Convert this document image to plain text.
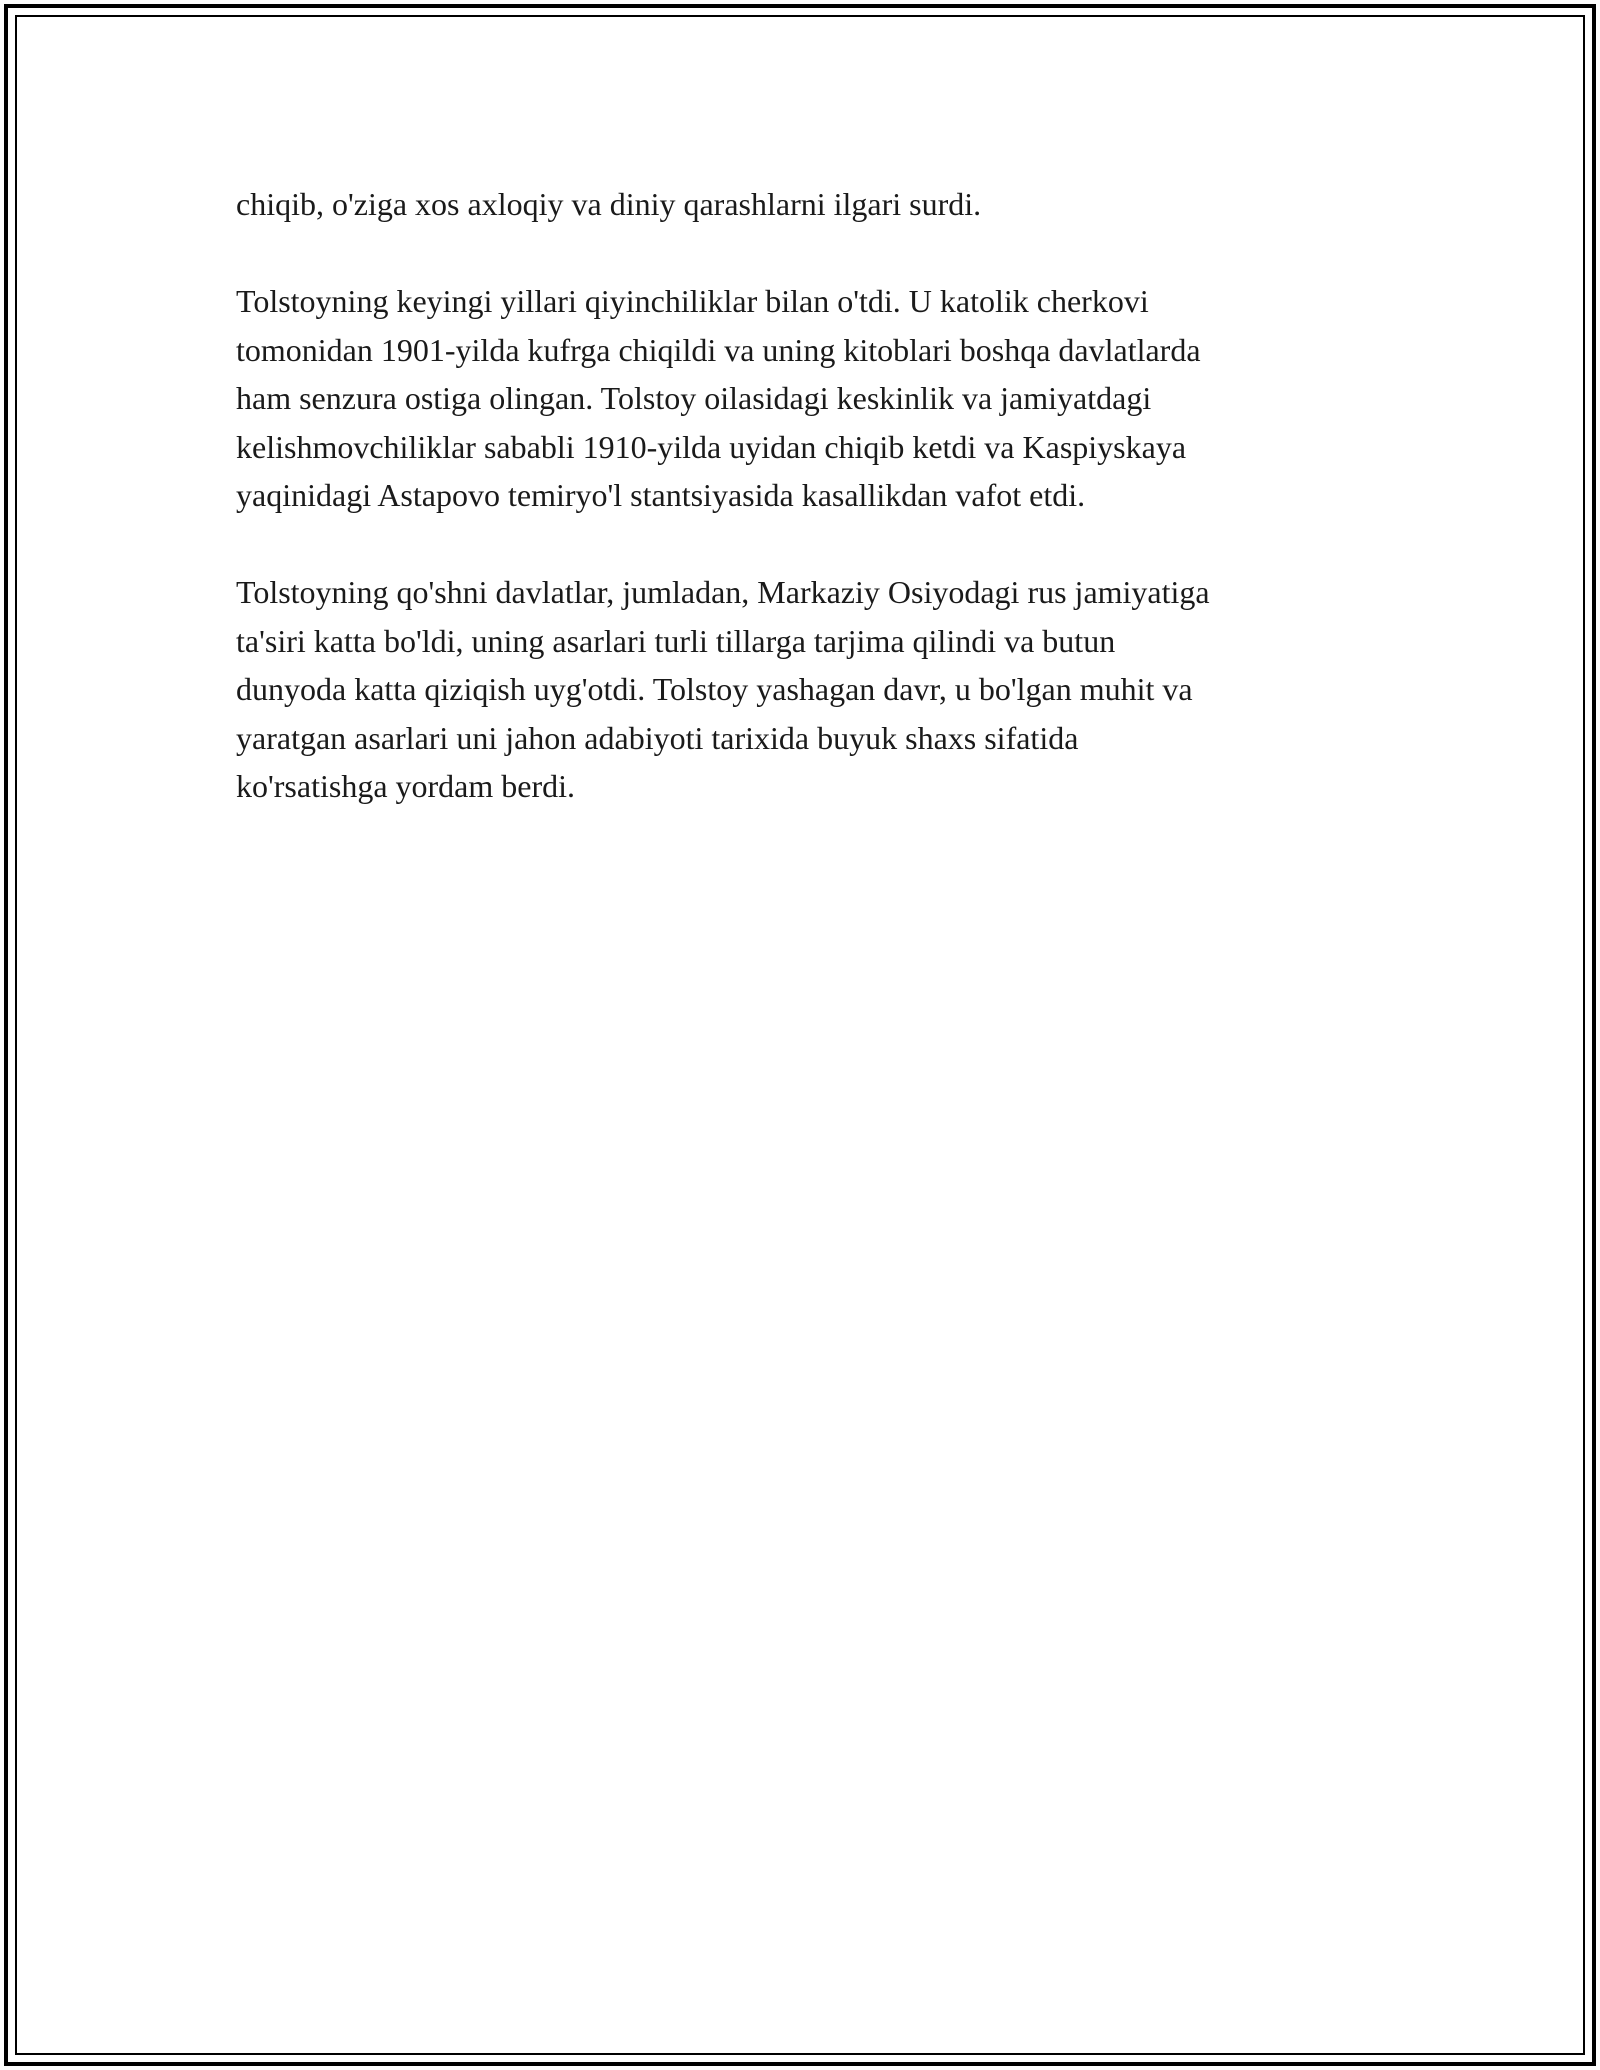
chiqib, o'ziga xos axloqiy va diniy qarashlarni ilgari surdi.

Tolstoyning keyingi yillari qiyinchiliklar bilan o'tdi. U katolik cherkovi
tomonidan 1901-yilda kufrga chiqildi va uning kitoblari boshqa davlatlarda
ham senzura ostiga olingan. Tolstoy oilasidagi keskinlik va jamiyatdagi
kelishmovchiliklar sababli 1910-yilda uyidan chiqib ketdi va Kaspiyskaya
yaqinidagi Astapovo temiryo'l stantsiyasida kasallikdan vafot etdi.

Tolstoyning qo'shni davlatlar, jumladan, Markaziy Osiyodagi rus jamiyatiga
ta'siri katta bo'ldi, uning asarlari turli tillarga tarjima qilindi va butun
dunyoda katta qiziqish uyg'otdi. Tolstoy yashagan davr, u bo'lgan muhit va
yaratgan asarlari uni jahon adabiyoti tarixida buyuk shaxs sifatida
ko'rsatishga yordam berdi.
